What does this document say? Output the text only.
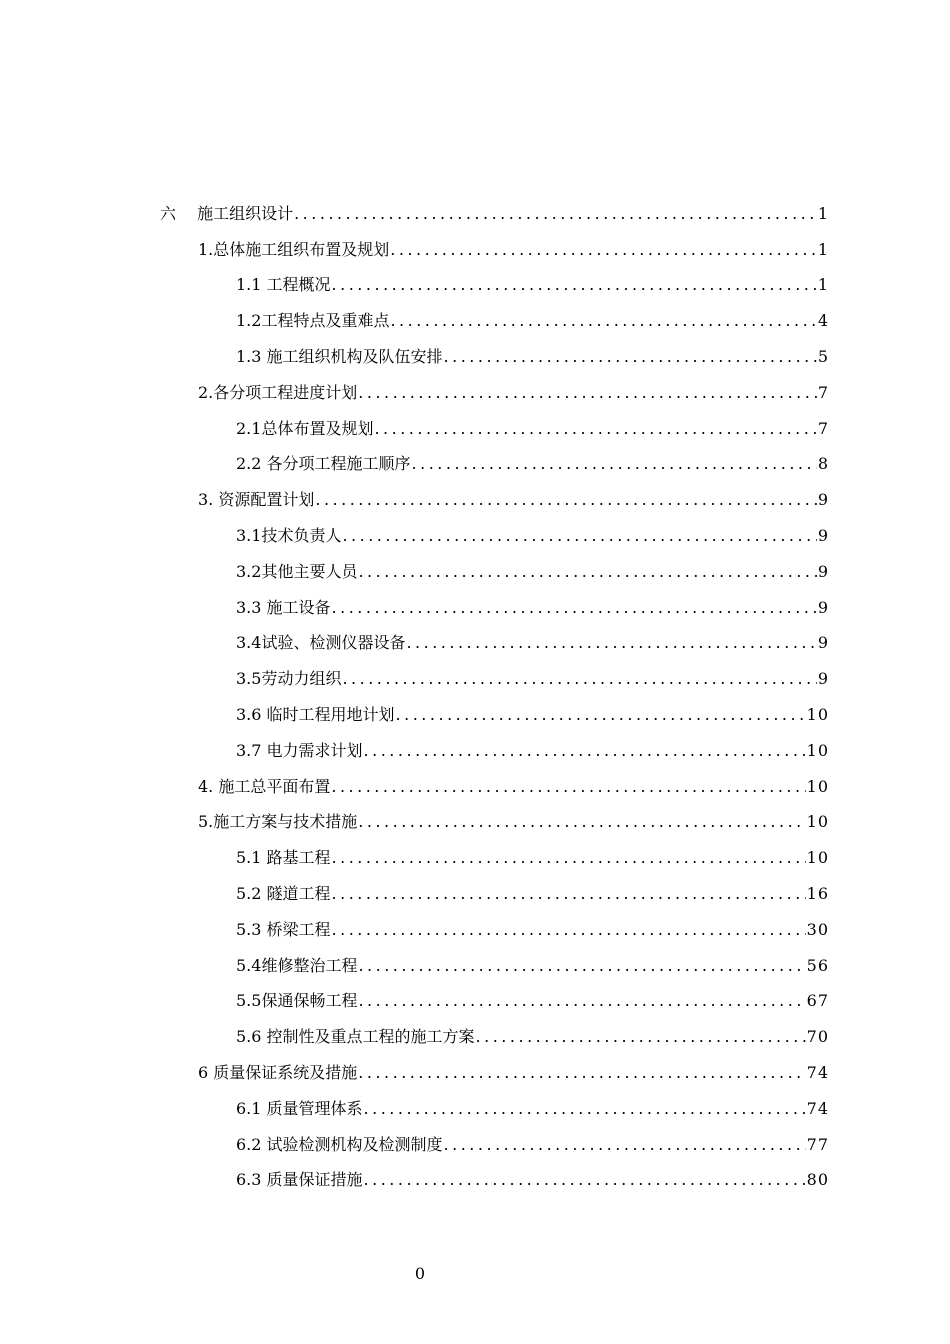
六　 施工组织设计 .....	1
1.总体施工组织布置及规划 .....	1
1.1 工程概况 .....	1
1.2工程特点及重难点 .....	4
1.3 施工组织机构及队伍安排 .....	5
2.各分项工程进度计划 .....	7
2.1总体布置及规划 .....	7
2.2 各分项工程施工顺序 .....	8
3. 资源配置计划 .....	9
3.1技术负责人 .....	9
3.2其他主要人员 .....	9
3.3 施工设备 .....	9
3.4试验、检测仪器设备 .....	9
3.5劳动力组织 .....	9
3.6 临时工程用地计划 .....	10
3.7 电力需求计划 .....	10
4. 施工总平面布置 .....	10
5.施工方案与技术措施 .....	10
5.1 路基工程 .....	10
5.2 隧道工程 .....	16
5.3 桥梁工程 .....	30
5.4维修整治工程 .....	56
5.5保通保畅工程 .....	67
5.6 控制性及重点工程的施工方案 .....	70
6 质量保证系统及措施 .....	74
6.1 质量管理体系 .....	74
6.2 试验检测机构及检测制度 .....	77
6.3 质量保证措施 .....	80
0
